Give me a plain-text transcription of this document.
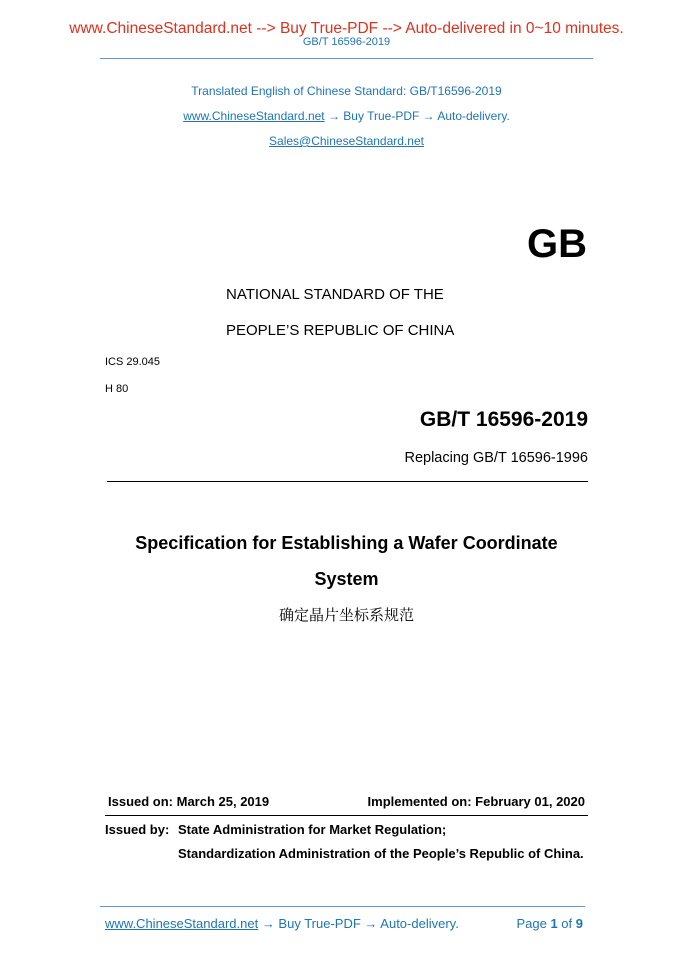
www.ChineseStandard.net --> Buy True-PDF --> Auto-delivered in 0~10 minutes.
GB/T 16596-2019
Translated English of Chinese Standard: GB/T16596-2019
www.ChineseStandard.net → Buy True-PDF → Auto-delivery.
Sales@ChineseStandard.net
GB
NATIONAL STANDARD OF THE
PEOPLE’S REPUBLIC OF CHINA
ICS 29.045
H 80
GB/T 16596-2019
Replacing GB/T 16596-1996
Specification for Establishing a Wafer Coordinate
System
确定晶片坐标系规范
Issued on: March 25, 2019	Implemented on: February 01, 2020
Issued by: State Administration for Market Regulation;
Standardization Administration of the People’s Republic of China.
www.ChineseStandard.net → Buy True-PDF → Auto-delivery.	Page 1 of 9
